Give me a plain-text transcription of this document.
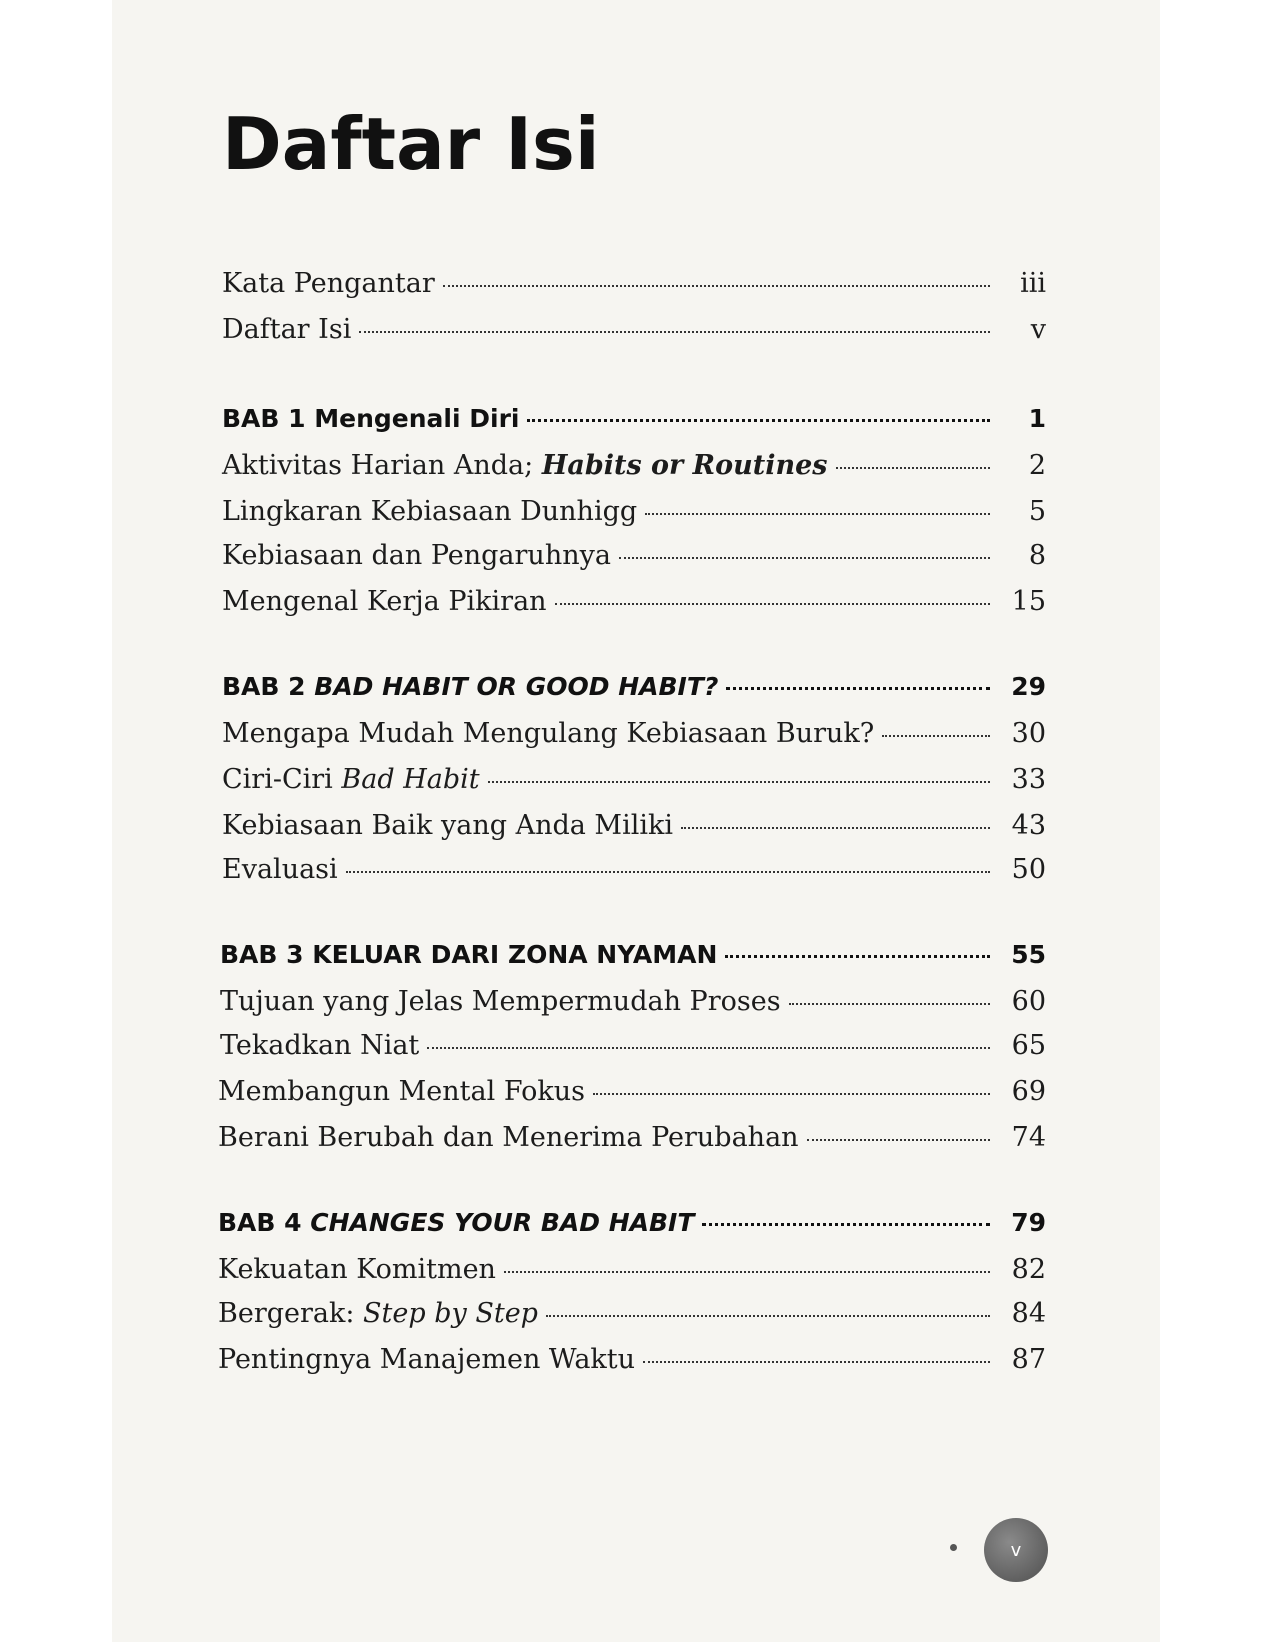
Daftar Isi
Kata Pengantar	iii
Daftar Isi	v
BAB 1 Mengenali Diri	1
Aktivitas Harian Anda; Habits or Routines	2
Lingkaran Kebiasaan Dunhigg	5
Kebiasaan dan Pengaruhnya	8
Mengenal Kerja Pikiran	15
BAB 2 BAD HABIT OR GOOD HABIT?	29
Mengapa Mudah Mengulang Kebiasaan Buruk?	30
Ciri-Ciri Bad Habit	33
Kebiasaan Baik yang Anda Miliki	43
Evaluasi	50
BAB 3 KELUAR DARI ZONA NYAMAN	55
Tujuan yang Jelas Mempermudah Proses	60
Tekadkan Niat	65
Membangun Mental Fokus	69
Berani Berubah dan Menerima Perubahan	74
BAB 4 CHANGES YOUR BAD HABIT	79
Kekuatan Komitmen	82
Bergerak: Step by Step	84
Pentingnya Manajemen Waktu	87
v
